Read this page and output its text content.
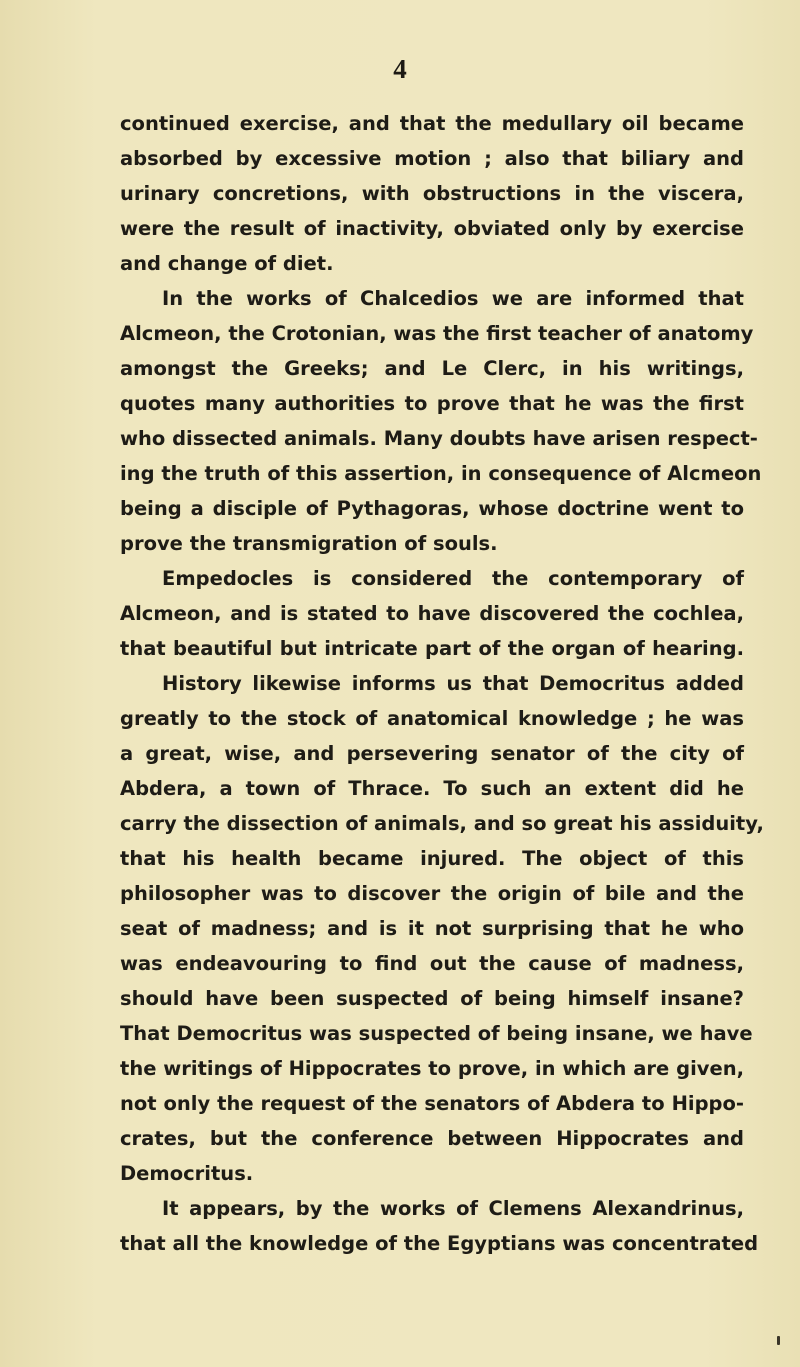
4
continued exercise, and that the medullary oil became
absorbed by excessive motion ; also that biliary and
urinary concretions, with obstructions in the viscera,
were the result of inactivity, obviated only by exercise
and change of diet.
In the works of Chalcedios we are informed that
Alcmeon, the Crotonian, was the first teacher of anatomy
amongst the Greeks; and Le Clerc, in his writings,
quotes many authorities to prove that he was the first
who dissected animals. Many doubts have arisen respect-
ing the truth of this assertion, in consequence of Alcmeon
being a disciple of Pythagoras, whose doctrine went to
prove the transmigration of souls.
Empedocles is considered the contemporary of
Alcmeon, and is stated to have discovered the cochlea,
that beautiful but intricate part of the organ of hearing.
History likewise informs us that Democritus added
greatly to the stock of anatomical knowledge ; he was
a great, wise, and persevering senator of the city of
Abdera, a town of Thrace. To such an extent did he
carry the dissection of animals, and so great his assiduity,
that his health became injured. The object of this
philosopher was to discover the origin of bile and the
seat of madness; and is it not surprising that he who
was endeavouring to find out the cause of madness,
should have been suspected of being himself insane?
That Democritus was suspected of being insane, we have
the writings of Hippocrates to prove, in which are given,
not only the request of the senators of Abdera to Hippo-
crates, but the conference between Hippocrates and
Democritus.
It appears, by the works of Clemens Alexandrinus,
that all the knowledge of the Egyptians was concentrated
